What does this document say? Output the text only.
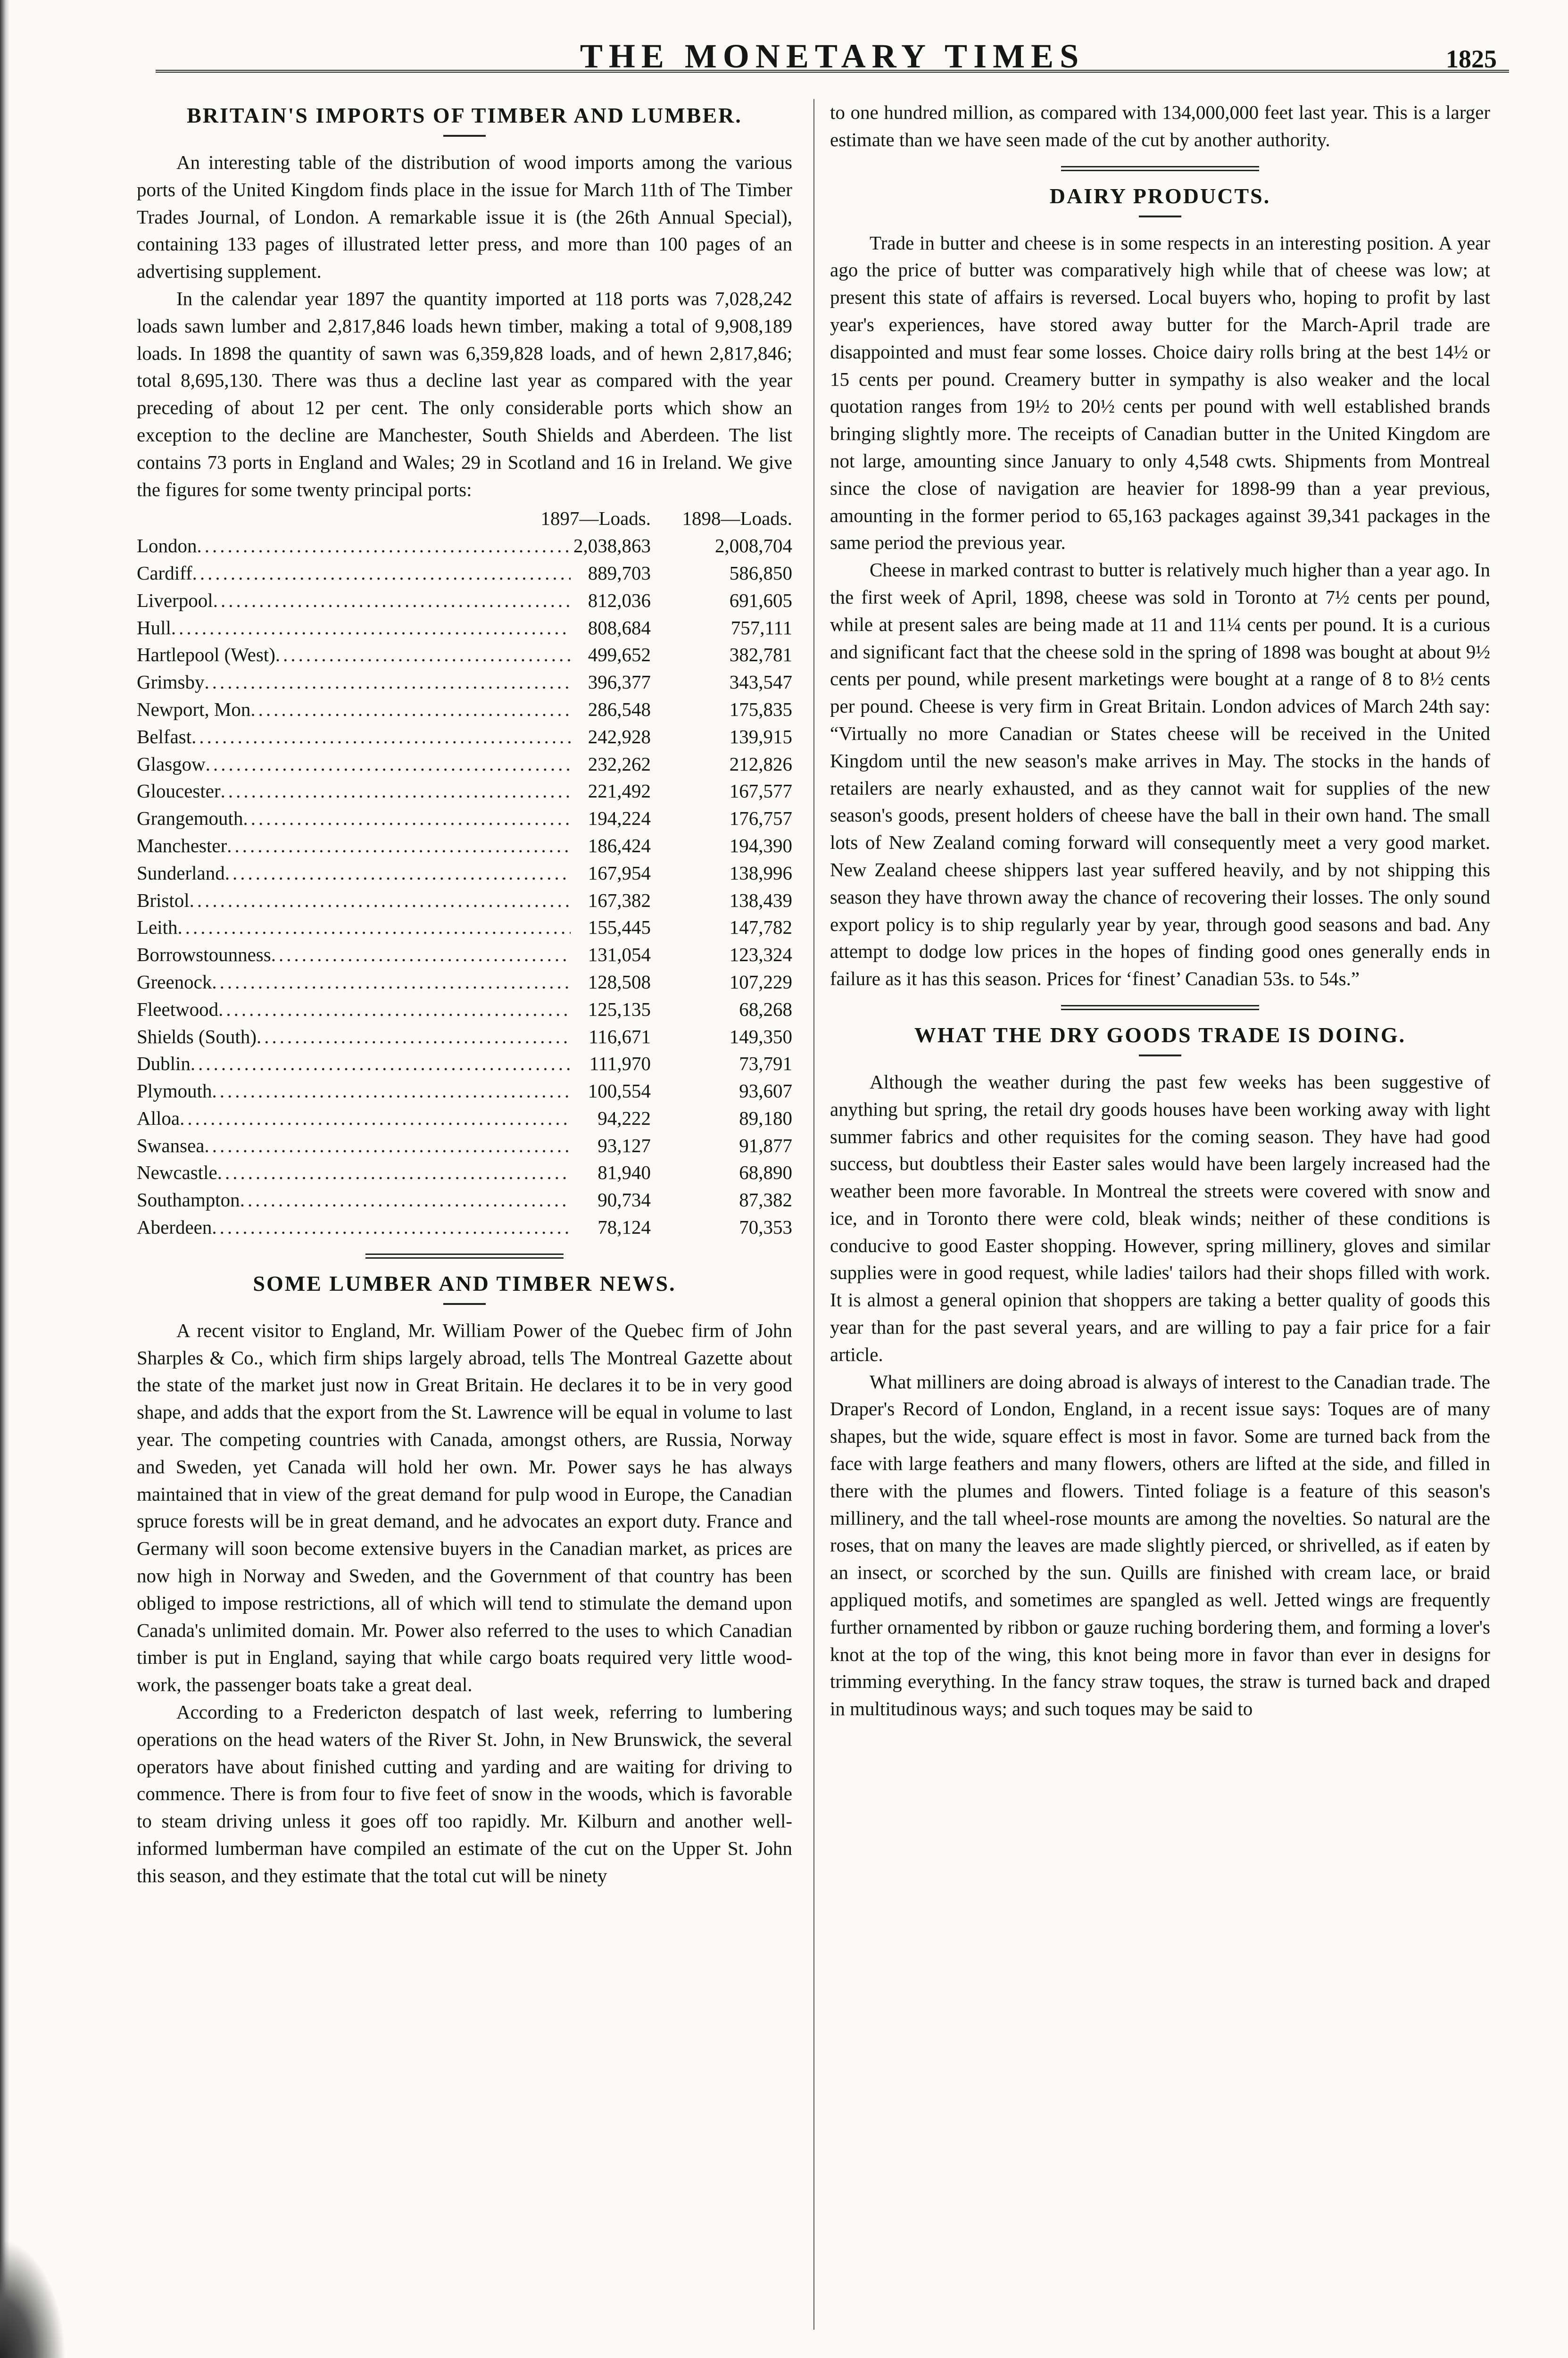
THE MONETARY TIMES	1825
BRITAIN'S IMPORTS OF TIMBER AND LUMBER.

An interesting table of the distribution of wood imports among the various ports of the United Kingdom finds place in the issue for March 11th of The Timber Trades Journal, of London. A remarkable issue it is (the 26th Annual Special), containing 133 pages of illustrated letter press, and more than 100 pages of an advertising supplement.

In the calendar year 1897 the quantity imported at 118 ports was 7,028,242 loads sawn lumber and 2,817,846 loads hewn timber, making a total of 9,908,189 loads. In 1898 the quantity of sawn was 6,359,828 loads, and of hewn 2,817,846; total 8,695,130. There was thus a decline last year as compared with the year preceding of about 12 per cent. The only considerable ports which show an exception to the decline are Manchester, South Shields and Aberdeen. The list contains 73 ports in England and Wales; 29 in Scotland and 16 in Ireland. We give the figures for some twenty principal ports:

1897—Loads.	1898—Loads.
London .....	2,038,863	2,008,704
Cardiff .....	889,703	586,850
Liverpool .....	812,036	691,605
Hull .....	808,684	757,111
Hartlepool (West) .....	499,652	382,781
Grimsby .....	396,377	343,547
Newport, Mon .....	286,548	175,835
Belfast .....	242,928	139,915
Glasgow .....	232,262	212,826
Gloucester .....	221,492	167,577
Grangemouth .....	194,224	176,757
Manchester .....	186,424	194,390
Sunderland .....	167,954	138,996
Bristol .....	167,382	138,439
Leith .....	155,445	147,782
Borrowstounness .....	131,054	123,324
Greenock .....	128,508	107,229
Fleetwood .....	125,135	68,268
Shields (South) .....	116,671	149,350
Dublin .....	111,970	73,791
Plymouth .....	100,554	93,607
Alloa .....	94,222	89,180
Swansea .....	93,127	91,877
Newcastle .....	81,940	68,890
Southampton .....	90,734	87,382
Aberdeen .....	78,124	70,353
SOME LUMBER AND TIMBER NEWS.

A recent visitor to England, Mr. William Power of the Quebec firm of John Sharples & Co., which firm ships largely abroad, tells The Montreal Gazette about the state of the market just now in Great Britain. He declares it to be in very good shape, and adds that the export from the St. Lawrence will be equal in volume to last year. The competing countries with Canada, amongst others, are Russia, Norway and Sweden, yet Canada will hold her own. Mr. Power says he has always maintained that in view of the great demand for pulp wood in Europe, the Canadian spruce forests will be in great demand, and he advocates an export duty. France and Germany will soon become extensive buyers in the Canadian market, as prices are now high in Norway and Sweden, and the Government of that country has been obliged to impose restrictions, all of which will tend to stimulate the demand upon Canada's unlimited domain. Mr. Power also referred to the uses to which Canadian timber is put in England, saying that while cargo boats required very little wood-work, the passenger boats take a great deal.

According to a Fredericton despatch of last week, referring to lumbering operations on the head waters of the River St. John, in New Brunswick, the several operators have about finished cutting and yarding and are waiting for driving to commence. There is from four to five feet of snow in the woods, which is favorable to steam driving unless it goes off too rapidly. Mr. Kilburn and another well-informed lumberman have compiled an estimate of the cut on the Upper St. John this season, and they estimate that the total cut will be ninety

to one hundred million, as compared with 134,000,000 feet last year. This is a larger estimate than we have seen made of the cut by another authority.

DAIRY PRODUCTS.

Trade in butter and cheese is in some respects in an interesting position. A year ago the price of butter was comparatively high while that of cheese was low; at present this state of affairs is reversed. Local buyers who, hoping to profit by last year's experiences, have stored away butter for the March-April trade are disappointed and must fear some losses. Choice dairy rolls bring at the best 14½ or 15 cents per pound. Creamery butter in sympathy is also weaker and the local quotation ranges from 19½ to 20½ cents per pound with well established brands bringing slightly more. The receipts of Canadian butter in the United Kingdom are not large, amounting since January to only 4,548 cwts. Shipments from Montreal since the close of navigation are heavier for 1898-99 than a year previous, amounting in the former period to 65,163 packages against 39,341 packages in the same period the previous year.

Cheese in marked contrast to butter is relatively much higher than a year ago. In the first week of April, 1898, cheese was sold in Toronto at 7½ cents per pound, while at present sales are being made at 11 and 11¼ cents per pound. It is a curious and significant fact that the cheese sold in the spring of 1898 was bought at about 9½ cents per pound, while present marketings were bought at a range of 8 to 8½ cents per pound. Cheese is very firm in Great Britain. London advices of March 24th say: “Virtually no more Canadian or States cheese will be received in the United Kingdom until the new season's make arrives in May. The stocks in the hands of retailers are nearly exhausted, and as they cannot wait for supplies of the new season's goods, present holders of cheese have the ball in their own hand. The small lots of New Zealand coming forward will consequently meet a very good market. New Zealand cheese shippers last year suffered heavily, and by not shipping this season they have thrown away the chance of recovering their losses. The only sound export policy is to ship regularly year by year, through good seasons and bad. Any attempt to dodge low prices in the hopes of finding good ones generally ends in failure as it has this season. Prices for ‘finest’ Canadian 53s. to 54s.”

WHAT THE DRY GOODS TRADE IS DOING.

Although the weather during the past few weeks has been suggestive of anything but spring, the retail dry goods houses have been working away with light summer fabrics and other requisites for the coming season. They have had good success, but doubtless their Easter sales would have been largely increased had the weather been more favorable. In Montreal the streets were covered with snow and ice, and in Toronto there were cold, bleak winds; neither of these conditions is conducive to good Easter shopping. However, spring millinery, gloves and similar supplies were in good request, while ladies' tailors had their shops filled with work. It is almost a general opinion that shoppers are taking a better quality of goods this year than for the past several years, and are willing to pay a fair price for a fair article.

What milliners are doing abroad is always of interest to the Canadian trade. The Draper's Record of London, England, in a recent issue says: Toques are of many shapes, but the wide, square effect is most in favor. Some are turned back from the face with large feathers and many flowers, others are lifted at the side, and filled in there with the plumes and flowers. Tinted foliage is a feature of this season's millinery, and the tall wheel-rose mounts are among the novelties. So natural are the roses, that on many the leaves are made slightly pierced, or shrivelled, as if eaten by an insect, or scorched by the sun. Quills are finished with cream lace, or braid appliqued motifs, and sometimes are spangled as well. Jetted wings are frequently further ornamented by ribbon or gauze ruching bordering them, and forming a lover's knot at the top of the wing, this knot being more in favor than ever in designs for trimming everything. In the fancy straw toques, the straw is turned back and draped in multitudinous ways; and such toques may be said to
